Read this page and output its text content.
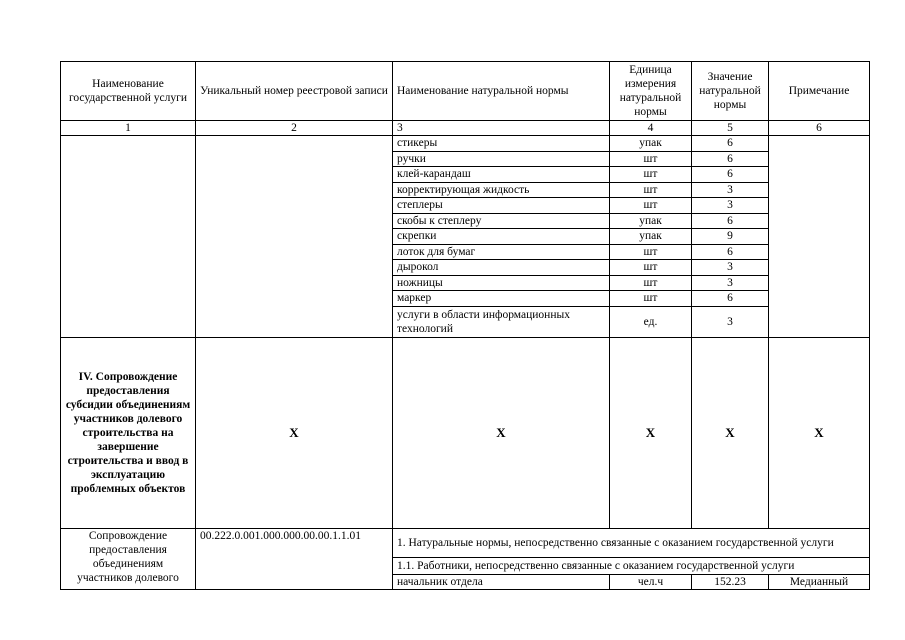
Наименование государственной услуги	Уникальный номер реестровой записи	Наименование натуральной нормы	Единица измерения натуральной нормы	Значение натуральной нормы	Примечание
1	2	3	4	5	6
		стикеры	упак	6	
		ручки	шт	6	
		клей-карандаш	шт	6	
		корректирующая жидкость	шт	3	
		степлеры	шт	3	
		скобы к степлеру	упак	6	
		скрепки	упак	9	
		лоток для бумаг	шт	6	
		дырокол	шт	3	
		ножницы	шт	3	
		маркер	шт	6	
		услуги в области информационных технологий	ед.	3	
IV. Сопровождение предоставления субсидии объединениям участников долевого строительства на завершение строительства и ввод в эксплуатацию проблемных объектов	X	X	X	X	X
Сопровождение предоставления объединениям участников долевого	00.222.0.001.000.000.00.00.1.1.01	1. Натуральные нормы, непосредственно связанные с оказанием государственной услуги			
		1.1. Работники, непосредственно связанные с оказанием государственной услуги			
		начальник отдела	чел.ч	152.23	Медианный
